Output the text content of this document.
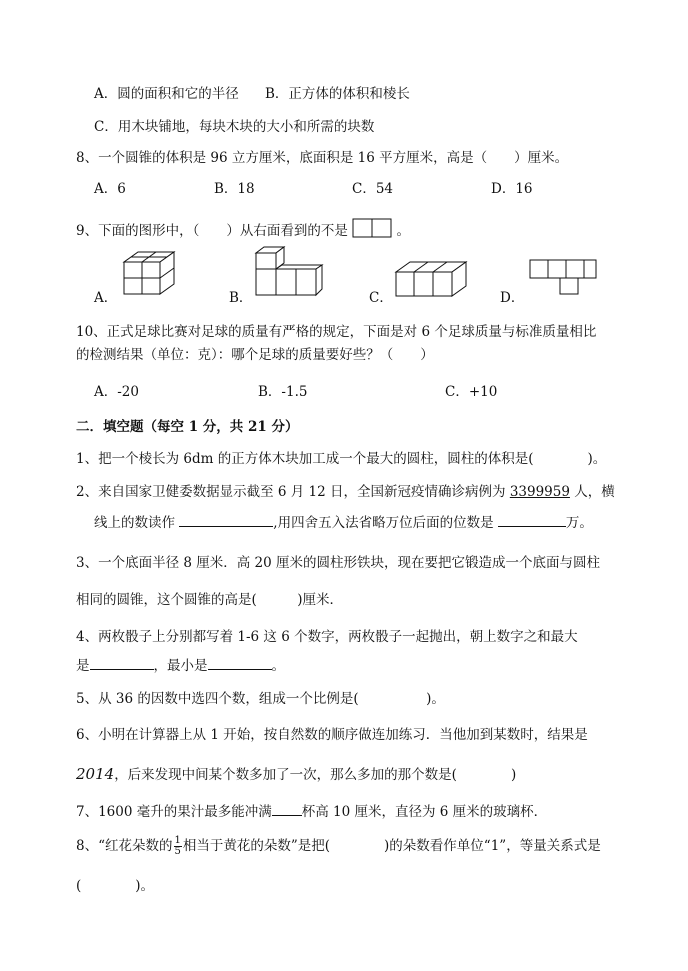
A．圆的面积和它的半径 B．正方体的体积和棱长
C．用木块铺地，每块木块的大小和所需的块数
8、一个圆锥的体积是 96 立方厘米，底面积是 16 平方厘米，高是（　　）厘米。
A．6	B．18	C．54	D．16
9、下面的图形中，（　　）从右面看到的不是	。
A．	B．	C．	D．
10、正式足球比赛对足球的质量有严格的规定，下面是对 6 个足球质量与标准质量相比
的检测结果（单位：克）：哪个足球的质量要好些？（　　）
A．-20	B．-1.5	C．+10
二．填空题（每空 1 分，共 21 分）
1、把一个棱长为 6dm 的正方体木块加工成一个最大的圆柱，圆柱的体积是(　　　　)。
2、来自国家卫健委数据显示截至 6 月 12 日，全国新冠疫情确诊病例为 3399959 人，横
线上的数读作	,用四舍五入法省略万位后面的位数是	万。
3、一个底面半径 8 厘米．高 20 厘米的圆柱形铁块，现在要把它锻造成一个底面与圆柱
相同的圆锥，这个圆锥的高是(　　　)厘米．
4、两枚骰子上分别都写着 1-6 这 6 个数字，两枚骰子一起抛出，朝上数字之和最大
是	，最小是	。
5、从 36 的因数中选四个数，组成一个比例是(　　　　　)。
6、小明在计算器上从 1 开始，按自然数的顺序做连加练习．当他加到某数时，结果是
2014，后来发现中间某个数多加了一次，那么多加的那个数是(　　　　)
7、1600 毫升的果汁最多能冲满 杯高 10 厘米，直径为 6 厘米的玻璃杯．
8、“红花朵数的 $\frac{1}{5}$ 相当于黄花的朵数”是把(　　　　)的朵数看作单位“1”，等量关系式是
(　　　　)。
